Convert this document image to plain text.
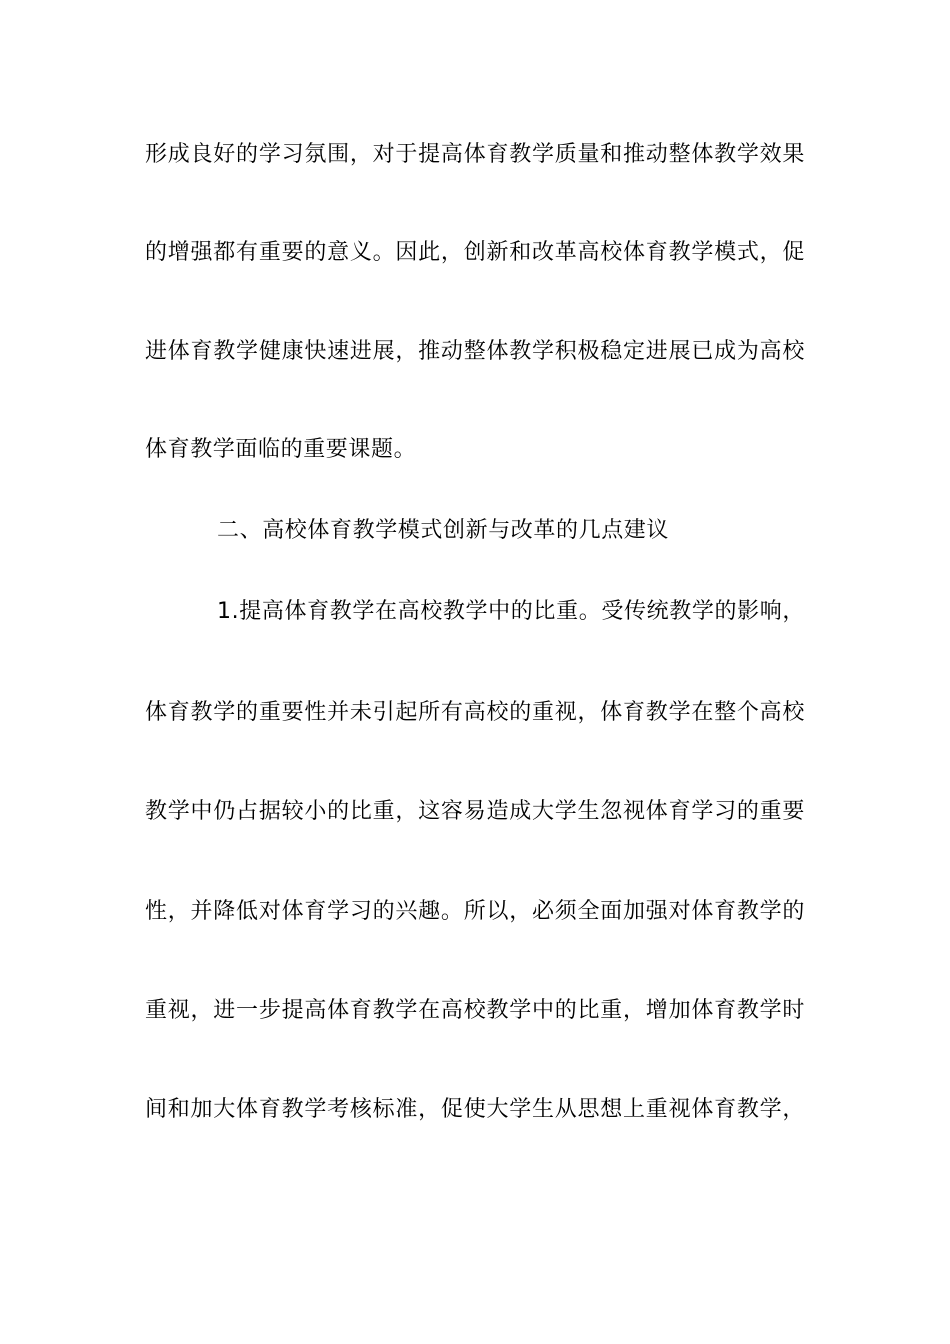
形成良好的学习氛围，对于提高体育教学质量和推动整体教学效果
的增强都有重要的意义。因此，创新和改革高校体育教学模式，促
进体育教学健康快速进展，推动整体教学积极稳定进展已成为高校
体育教学面临的重要课题。
二、高校体育教学模式创新与改革的几点建议
1.提高体育教学在高校教学中的比重。受传统教学的影响，
体育教学的重要性并未引起所有高校的重视，体育教学在整个高校
教学中仍占据较小的比重，这容易造成大学生忽视体育学习的重要
性，并降低对体育学习的兴趣。所以，必须全面加强对体育教学的
重视，进一步提高体育教学在高校教学中的比重，增加体育教学时
间和加大体育教学考核标准，促使大学生从思想上重视体育教学，
